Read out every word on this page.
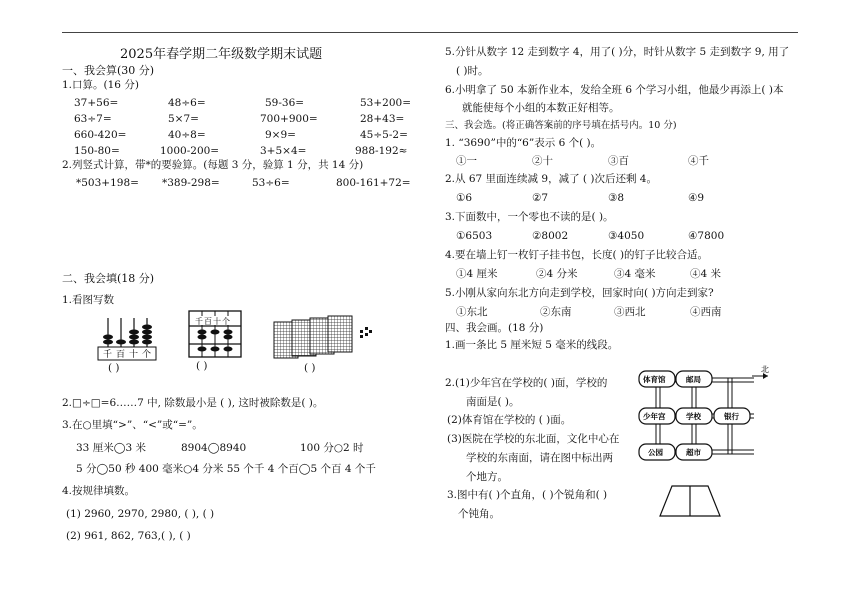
2025年春学期二年级数学期末试题
一、我会算(30 分)
1.口算。(16 分)
37+56=	48÷6=	59-36=	53+200=
63÷7=	5×7=	700+900=	28+43=
660-420=	40÷8=	9×9=	45÷5-2=
150-80=	1000-200=	3+5×4=	988-192≈
2.列竖式计算，带*的要验算。(每题 3 分，验算 1 分，共 14 分)
*503+198= *389-298=	53÷6=	800-161+72=
二、我会填(18 分)
1.看图写数
千 百 十 个
( )
千 百 十 个
( )	( )
2.□÷□=6……7 中, 除数最小是 ( ), 这时被除数是( )。
3.在○里填“>”、“<”或“=”。
33 厘米◯3 米	8904◯8940	100 分○2 时
5 分◯50 秒 400 毫米○4 分米 55 个千 4 个百◯5 个百 4 个千
4.按规律填数。
(1) 2960, 2970, 2980, ( ), ( )
(2) 961, 862, 763,( ), ( )
5.分针从数字 12 走到数字 4，用了( )分，时针从数字 5 走到数字 9, 用了
( )时。
6.小明拿了 50 本新作业本，发给全班 6 个学习小组，他最少再添上( )本
就能使每个小组的本数正好相等。
三、我会选。(将正确答案前的序号填在括号内。10 分)
1. “3690”中的“6”表示 6 个( )。
①一	②十	③百	④千
2.从 67 里面连续减 9，减了 ( )次后还剩 4。
①6	②7	③8	④9
3.下面数中，一个零也不读的是( )。
①6503	②8002	③4050	④7800
4.要在墙上钉一枚钉子挂书包，长度( )的钉子比较合适。
①4 厘米	②4 分米	③4 毫米	④4 米
5.小刚从家向东北方向走到学校，回家时向( )方向走到家?
①东北	②东南	③西北	④西南
四、我会画。(18 分)
1.画一条比 5 厘米短 5 毫米的线段。
2.(1)少年宫在学校的( )面，学校的
南面是( )。
(2)体育馆在学校的 ( )面。
(3)医院在学校的东北面，文化中心在
学校的东南面，请在图中标出两
个地方。
北
体育馆	邮局
少年宫	学校	银行
公园	超市
3.图中有( )个直角，( )个锐角和( )
个钝角。
